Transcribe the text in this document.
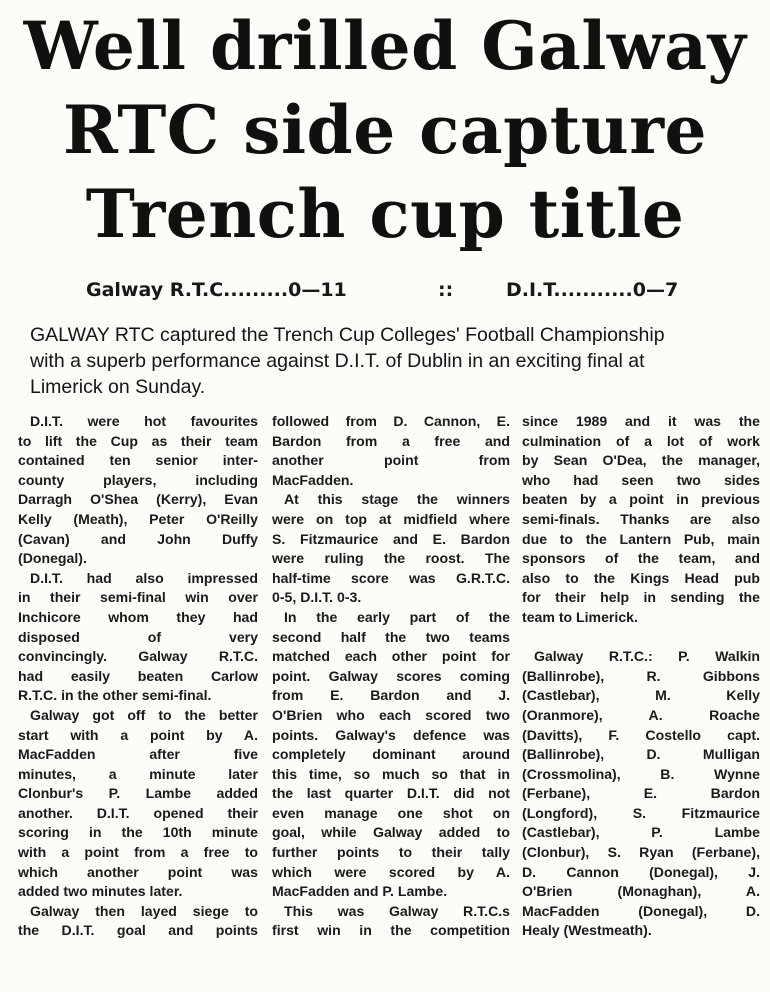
Well drilled Galway
RTC side capture
Trench cup title
Galway R.T.C.........0—11	::	D.I.T...........0—7

GALWAY RTC captured the Trench Cup Colleges' Football Championship

with a superb performance against D.I.T. of Dublin in an exciting final at

Limerick on Sunday.

D.I.T. were hot favourites
to lift the Cup as their team
contained ten senior inter-
county players, including
Darragh O'Shea (Kerry), Evan
Kelly (Meath), Peter O'Reilly
(Cavan) and John Duffy
(Donegal).
D.I.T. had also impressed
in their semi-final win over
Inchicore whom they had
disposed of very
convincingly. Galway R.T.C.
had easily beaten Carlow
R.T.C. in the other semi-final.
Galway got off to the better
start with a point by A.
MacFadden after five
minutes, a minute later
Clonbur's P. Lambe added
another. D.I.T. opened their
scoring in the 10th minute
with a point from a free to
which another point was
added two minutes later.
Galway then layed siege to
the D.I.T. goal and points
followed from D. Cannon, E.
Bardon from a free and
another point from
MacFadden.
At this stage the winners
were on top at midfield where
S. Fitzmaurice and E. Bardon
were ruling the roost. The
half-time score was G.R.T.C.
0-5, D.I.T. 0-3.
In the early part of the
second half the two teams
matched each other point for
point. Galway scores coming
from E. Bardon and J.
O'Brien who each scored two
points. Galway's defence was
completely dominant around
this time, so much so that in
the last quarter D.I.T. did not
even manage one shot on
goal, while Galway added to
further points to their tally
which were scored by A.
MacFadden and P. Lambe.
This was Galway R.T.C.s
first win in the competition
since 1989 and it was the
culmination of a lot of work
by Sean O'Dea, the manager,
who had seen two sides
beaten by a point in previous
semi-finals. Thanks are also
due to the Lantern Pub, main
sponsors of the team, and
also to the Kings Head pub
for their help in sending the
team to Limerick.
Galway R.T.C.: P. Walkin
(Ballinrobe), R. Gibbons
(Castlebar), M. Kelly
(Oranmore), A. Roache
(Davitts), F. Costello capt.
(Ballinrobe), D. Mulligan
(Crossmolina), B. Wynne
(Ferbane), E. Bardon
(Longford), S. Fitzmaurice
(Castlebar), P. Lambe
(Clonbur), S. Ryan (Ferbane),
D. Cannon (Donegal), J.
O'Brien (Monaghan), A.
MacFadden (Donegal), D.
Healy (Westmeath).
